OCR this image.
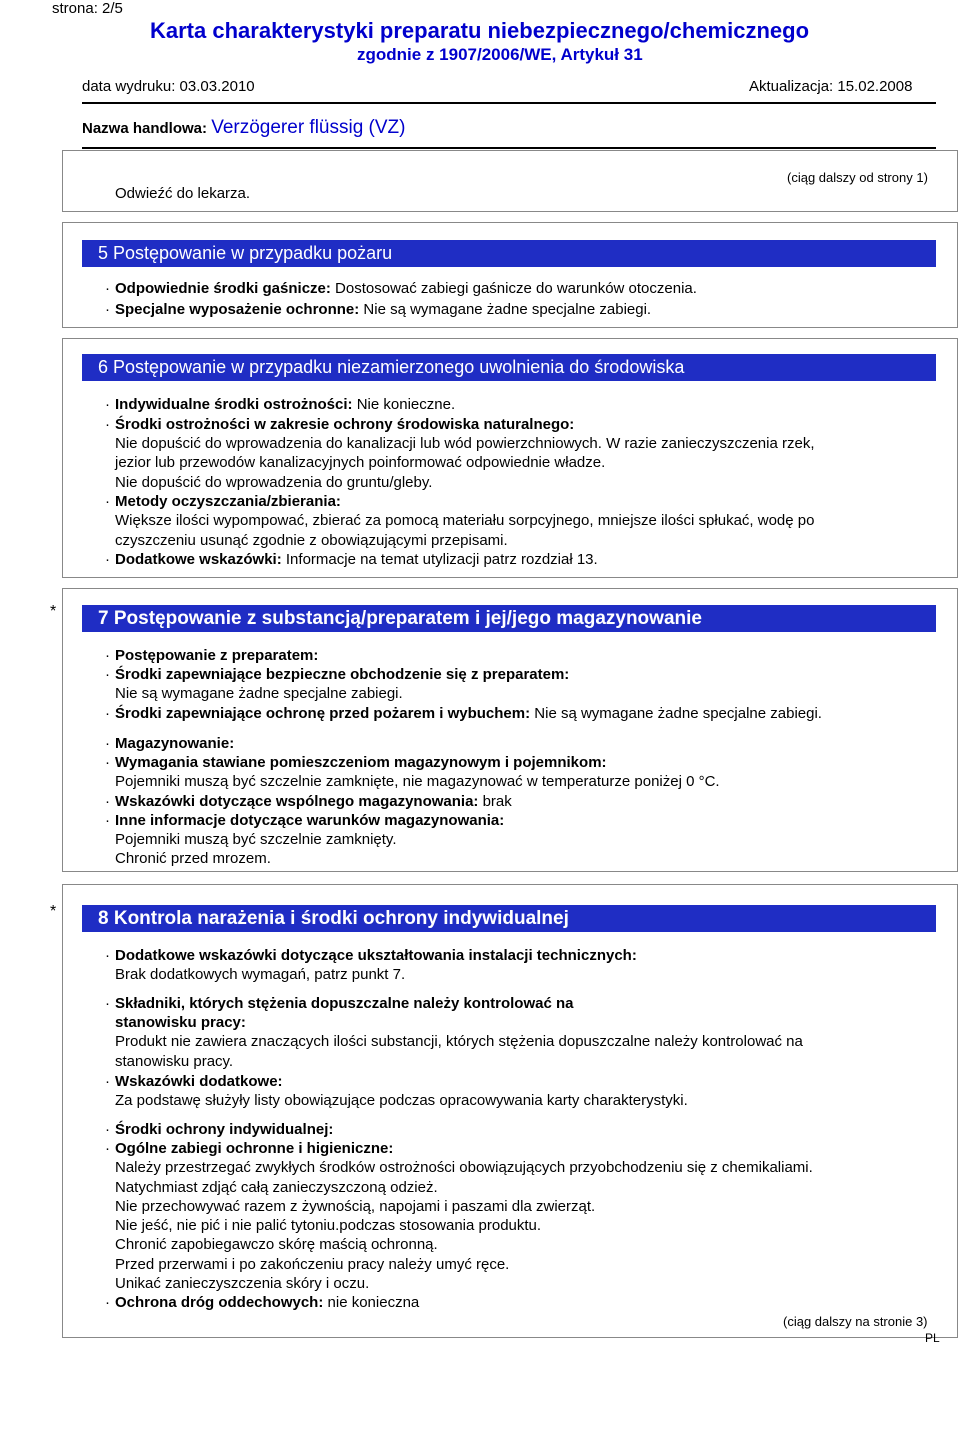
strona: 2/5
Karta charakterystyki preparatu niebezpiecznego/chemicznego
zgodnie z 1907/2006/WE, Artykuł 31
data wydruku: 03.03.2010	Aktualizacja: 15.02.2008
Nazwa handlowa: Verzögerer flüssig (VZ)
Odwieźć do lekarza.
(ciąg dalszy od strony 1)
5 Postępowanie w przypadku pożaru
· Odpowiednie środki gaśnicze: Dostosować zabiegi gaśnicze do warunków otoczenia.
· Specjalne wyposażenie ochronne: Nie są wymagane żadne specjalne zabiegi.
6 Postępowanie w przypadku niezamierzonego uwolnienia do środowiska
· Indywidualne środki ostrożności: Nie konieczne.
· Środki ostrożności w zakresie ochrony środowiska naturalnego:
Nie dopuścić do wprowadzenia do kanalizacji lub wód powierzchniowych. W razie zanieczyszczenia rzek,
jezior lub przewodów kanalizacyjnych poinformować odpowiednie władze.
Nie dopuścić do wprowadzenia do gruntu/gleby.
· Metody oczyszczania/zbierania:
Większe ilości wypompować, zbierać za pomocą materiału sorpcyjnego, mniejsze ilości spłukać, wodę po
czyszczeniu usunąć zgodnie z obowiązującymi przepisami.
· Dodatkowe wskazówki: Informacje na temat utylizacji patrz rozdział 13.
*	7 Postępowanie z substancją/preparatem i jej/jego magazynowanie
· Postępowanie z preparatem:
· Środki zapewniające bezpieczne obchodzenie się z preparatem:
Nie są wymagane żadne specjalne zabiegi.
· Środki zapewniające ochronę przed pożarem i wybuchem: Nie są wymagane żadne specjalne zabiegi.
· Magazynowanie:
· Wymagania stawiane pomieszczeniom magazynowym i pojemnikom:
Pojemniki muszą być szczelnie zamknięte, nie magazynować w temperaturze poniżej 0 °C.
· Wskazówki dotyczące wspólnego magazynowania: brak
· Inne informacje dotyczące warunków magazynowania:
Pojemniki muszą być szczelnie zamknięty.
Chronić przed mrozem.
*	8 Kontrola narażenia i środki ochrony indywidualnej
· Dodatkowe wskazówki dotyczące ukształtowania instalacji technicznych:
Brak dodatkowych wymagań, patrz punkt 7.
· Składniki, których stężenia dopuszczalne należy kontrolować na
stanowisku pracy:
Produkt nie zawiera znaczących ilości substancji, których stężenia dopuszczalne należy kontrolować na
stanowisku pracy.
· Wskazówki dodatkowe:
Za podstawę służyły listy obowiązujące podczas opracowywania karty charakterystyki.
· Środki ochrony indywidualnej:
· Ogólne zabiegi ochronne i higieniczne:
Należy przestrzegać zwykłych środków ostrożności obowiązujących przyobchodzeniu się z chemikaliami.
Natychmiast zdjąć całą zanieczyszczoną odzież.
Nie przechowywać razem z żywnością, napojami i paszami dla zwierząt.
Nie jeść, nie pić i nie palić tytoniu.podczas stosowania produktu.
Chronić zapobiegawczo skórę maścią ochronną.
Przed przerwami i po zakończeniu pracy należy umyć ręce.
Unikać zanieczyszczenia skóry i oczu.
· Ochrona dróg oddechowych: nie konieczna
(ciąg dalszy na stronie 3)
PL
